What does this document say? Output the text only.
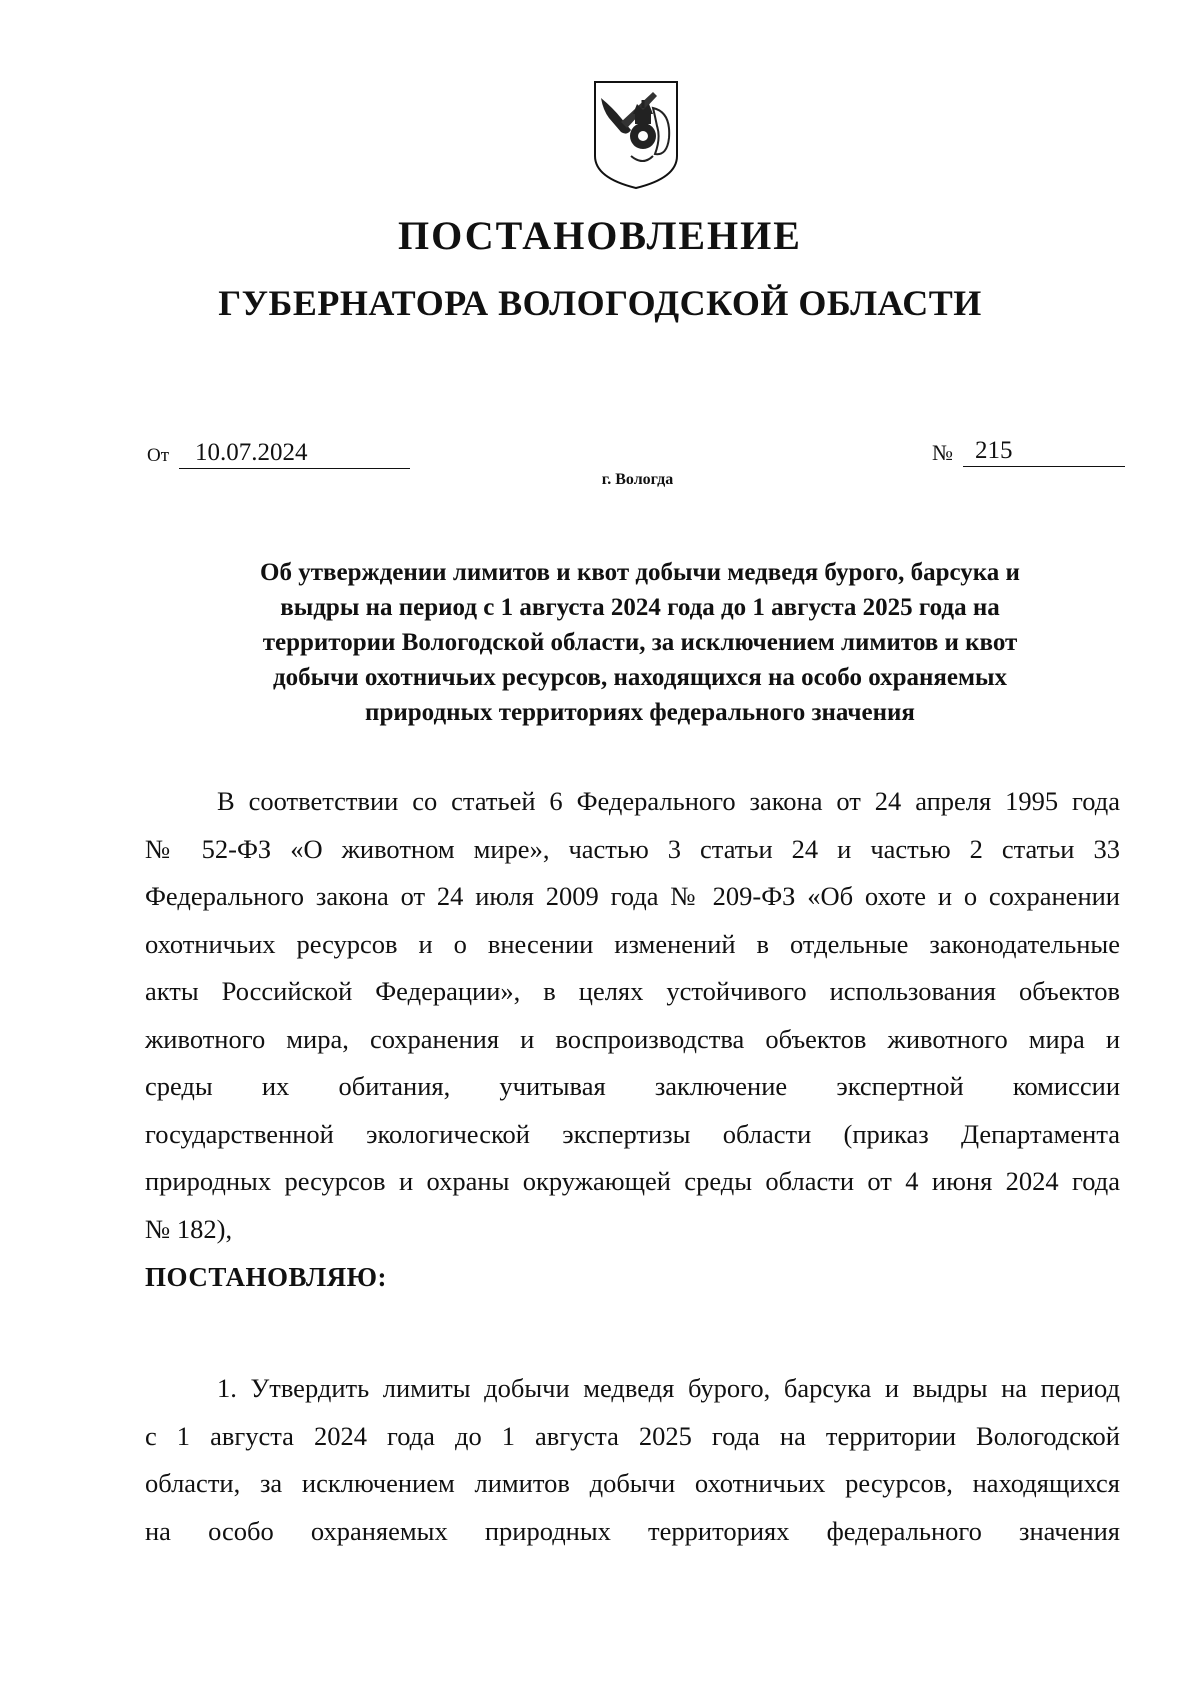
ПОСТАНОВЛЕНИЕ
ГУБЕРНАТОРА ВОЛОГОДСКОЙ ОБЛАСТИ
От	10.07.2024	№ 215
г. Вологда
Об утверждении лимитов и квот добычи медведя бурого, барсука и
выдры на период с 1 августа 2024 года до 1 августа 2025 года на
территории Вологодской области, за исключением лимитов и квот
добычи охотничьих ресурсов, находящихся на особо охраняемых
природных территориях федерального значения
В соответствии со статьей 6 Федерального закона от 24 апреля 1995 года
№ 52-ФЗ «О животном мире», частью 3 статьи 24 и частью 2 статьи 33
Федерального закона от 24 июля 2009 года № 209-ФЗ «Об охоте и о сохранении
охотничьих ресурсов и о внесении изменений в отдельные законодательные
акты Российской Федерации», в целях устойчивого использования объектов
животного мира, сохранения и воспроизводства объектов животного мира и
среды их обитания, учитывая заключение экспертной комиссии
государственной экологической экспертизы области (приказ Департамента
природных ресурсов и охраны окружающей среды области от 4 июня 2024 года
№ 182),
ПОСТАНОВЛЯЮ:
1. Утвердить лимиты добычи медведя бурого, барсука и выдры на период
с 1 августа 2024 года до 1 августа 2025 года на территории Вологодской
области, за исключением лимитов добычи охотничьих ресурсов, находящихся
на особо охраняемых природных территориях федерального значения
